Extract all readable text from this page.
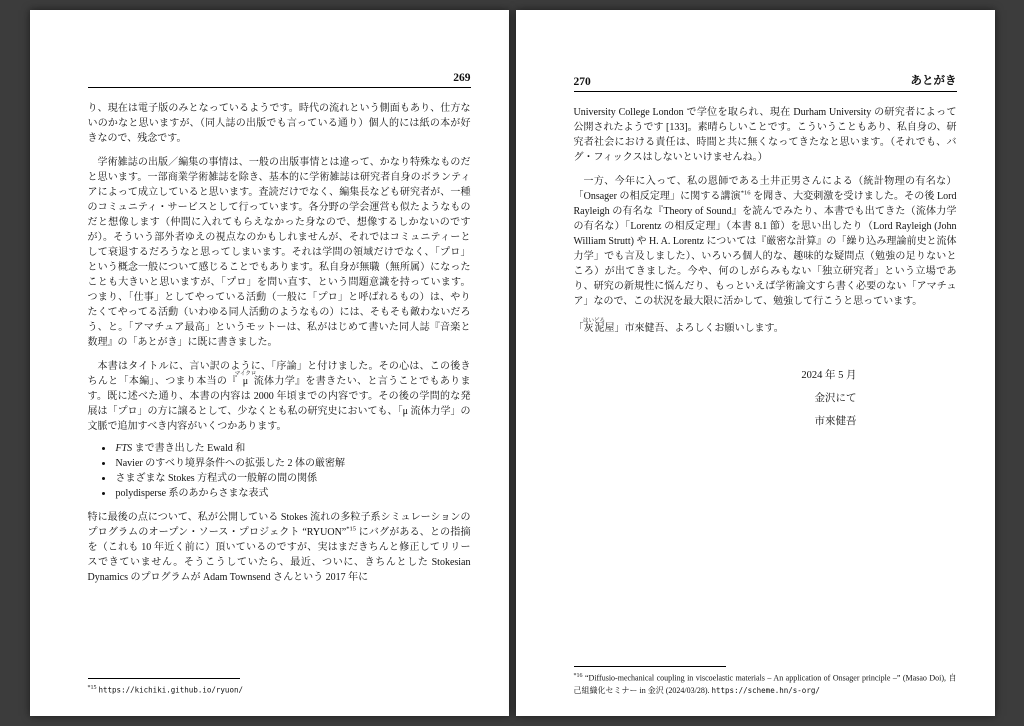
269

り、現在は電子版のみとなっているようです。時代の流れという側面もあり、仕方ないのかなと思いますが、（同人誌の出版でも言っている通り）個人的には紙の本が好きなので、残念です。

学術雑誌の出版／編集の事情は、一般の出版事情とは違って、かなり特殊なものだと思います。一部商業学術雑誌を除き、基本的に学術雑誌は研究者自身のボランティアによって成立していると思います。査読だけでなく、編集長なども研究者が、一種のコミュニティ・サービスとして行っています。各分野の学会運営も似たようなものだと想像します（仲間に入れてもらえなかった身なので、想像するしかないのですが）。そういう部外者ゆえの視点なのかもしれませんが、それではコミュニティーとして衰退するだろうなと思ってしまいます。それは学問の領域だけでなく、「プロ」という概念一般について感じることでもあります。私自身が無職（無所属）になったことも大きいと思いますが、「プロ」を問い直す、という問題意識を持っています。つまり、「仕事」としてやっている活動（一般に「プロ」と呼ばれるもの）は、やりたくてやってる活動（いわゆる同人活動のようなもの）には、そもそも敵わないだろう、と。「アマチュア最高」というモットーは、私がはじめて書いた同人誌『音楽と数理』の「あとがき」に既に書きました。

本書はタイトルに、言い訳のように、「序論」と付けました。その心は、この後きちんと「本編」、つまり本当の『μマイクロ流体力学』を書きたい、と言うことでもあります。既に述べた通り、本書の内容は 2000 年頃までの内容です。その後の学問的な発展は「プロ」の方に譲るとして、少なくとも私の研究史においても、「μ 流体力学」の文脈で追加すべき内容がいくつかあります。

• FTS まで書き出した Ewald 和
• Navier のすべり境界条件への拡張した 2 体の厳密解
• さまざまな Stokes 方程式の一般解の間の関係
• polydisperse 系のあからさまな表式

特に最後の点について、私が公開している Stokes 流れの多粒子系シミュレーションのプログラムのオープン・ソース・プロジェクト “RYUON”$^{*15}$ にバグがある、との指摘を（これも 10 年近く前に）頂いているのですが、実はまだきちんと修正してリリースできていません。そうこうしていたら、最近、ついに、きちんとした Stokesian Dynamics のプログラムが Adam Townsend さんという 2017 年に

$^{*15}$ https://kichiki.github.io/ryuon/
270	あとがき

University College London で学位を取られ、現在 Durham University の研究者によって公開されたようです [133]。素晴らしいことです。こういうこともあり、私自身の、研究者社会における責任は、時間と共に無くなってきたなと思います。（それでも、バグ・フィックスはしないといけませんね。）

一方、今年に入って、私の恩師である土井正男さんによる（統計物理の有名な）「Onsager の相反定理」に関する講演$^{*16}$ を聞き、大変刺激を受けました。その後 Lord Rayleigh の有名な『Theory of Sound』を読んでみたり、本書でも出てきた（流体力学の有名な）「Lorentz の相反定理」（本書 8.1 節）を思い出したり（Lord Rayleigh (John William Strutt) や H. A. Lorentz については『厳密な計算』の「繰り込み理論前史と流体力学」でも言及しました）、いろいろ個人的な、趣味的な疑問点（勉強の足りないところ）が出てきました。今や、何のしがらみもない「独立研究者」という立場であり、研究の新規性に悩んだり、もっといえば学術論文すら書く必要のない「アマチュア」なので、この状況を最大限に活かして、勉強して行こうと思っています。

「灰泥はいどろ屋」市來健吾、よろしくお願いします。

2024 年 5 月
金沢にて
市來健吾
$^{*16}$ “Diffusio-mechanical coupling in viscoelastic materials – An application of Onsager principle –” (Masao Doi), 自己組織化セミナー in 金沢 (2024/03/28). https://scheme.hn/s-org/
